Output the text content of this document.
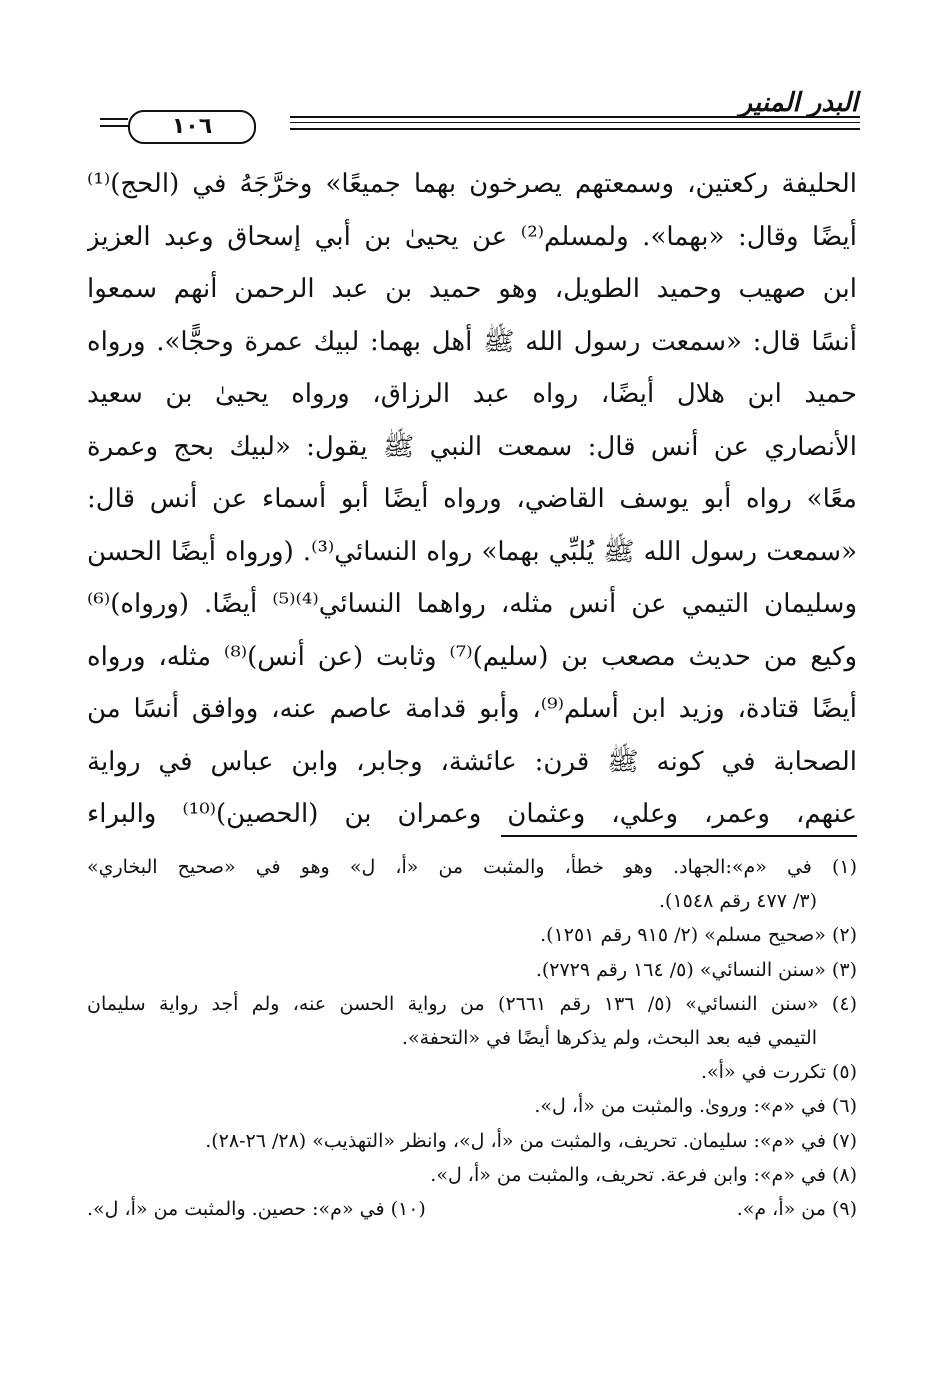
البدر المنير
١٠٦
الحليفة ركعتين، وسمعتهم يصرخون بهما جميعًا» وخرَّجَهُ في (الحج)⁽¹⁾
أيضًا وقال: «بهما». ولمسلم⁽²⁾ عن يحيىٰ بن أبي إسحاق وعبد العزيز
ابن صهيب وحميد الطويل، وهو حميد بن عبد الرحمن أنهم سمعوا
أنسًا قال: «سمعت رسول الله ﷺ أهل بهما: لبيك عمرة وحجًّا». ورواه
حميد ابن هلال أيضًا، رواه عبد الرزاق، ورواه يحيىٰ بن سعيد
الأنصاري عن أنس قال: سمعت النبي ﷺ يقول: «لبيك بحج وعمرة
معًا» رواه أبو يوسف القاضي، ورواه أيضًا أبو أسماء عن أنس قال:
«سمعت رسول الله ﷺ يُلبِّي بهما» رواه النسائي⁽³⁾. (ورواه أيضًا الحسن
وسليمان التيمي عن أنس مثله، رواهما النسائي⁽⁴⁾⁽⁵⁾ أيضًا. (ورواه)⁽⁶⁾
وكيع من حديث مصعب بن (سليم)⁽⁷⁾ وثابت (عن أنس)⁽⁸⁾ مثله، ورواه
أيضًا قتادة، وزيد ابن أسلم⁽⁹⁾، وأبو قدامة عاصم عنه، ووافق أنسًا من
الصحابة في كونه ﷺ قرن: عائشة، وجابر، وابن عباس في رواية
عنهم، وعمر، وعلي، وعثمان وعمران بن (الحصين)⁽¹⁰⁾ والبراء
(١) في «م»:الجهاد. وهو خطأ، والمثبت من «أ، ل» وهو في «صحيح البخاري»
(٣/ ٤٧٧ رقم ١٥٤٨).
(٢) «صحيح مسلم» (٢/ ٩١٥ رقم ١٢٥١).
(٣) «سنن النسائي» (٥/ ١٦٤ رقم ٢٧٢٩).
(٤) «سنن النسائي» (٥/ ١٣٦ رقم ٢٦٦١) من رواية الحسن عنه، ولم أجد رواية سليمان
التيمي فيه بعد البحث، ولم يذكرها أيضًا في «التحفة».
(٥) تكررت في «أ».
(٦) في «م»: وروىٰ. والمثبت من «أ، ل».
(٧) في «م»: سليمان. تحريف، والمثبت من «أ، ل»، وانظر «التهذيب» (٢٨/ ٢٦-٢٨).
(٨) في «م»: وابن فرعة. تحريف، والمثبت من «أ، ل».
(٩) من «أ، م».
(١٠) في «م»: حصين. والمثبت من «أ، ل».
